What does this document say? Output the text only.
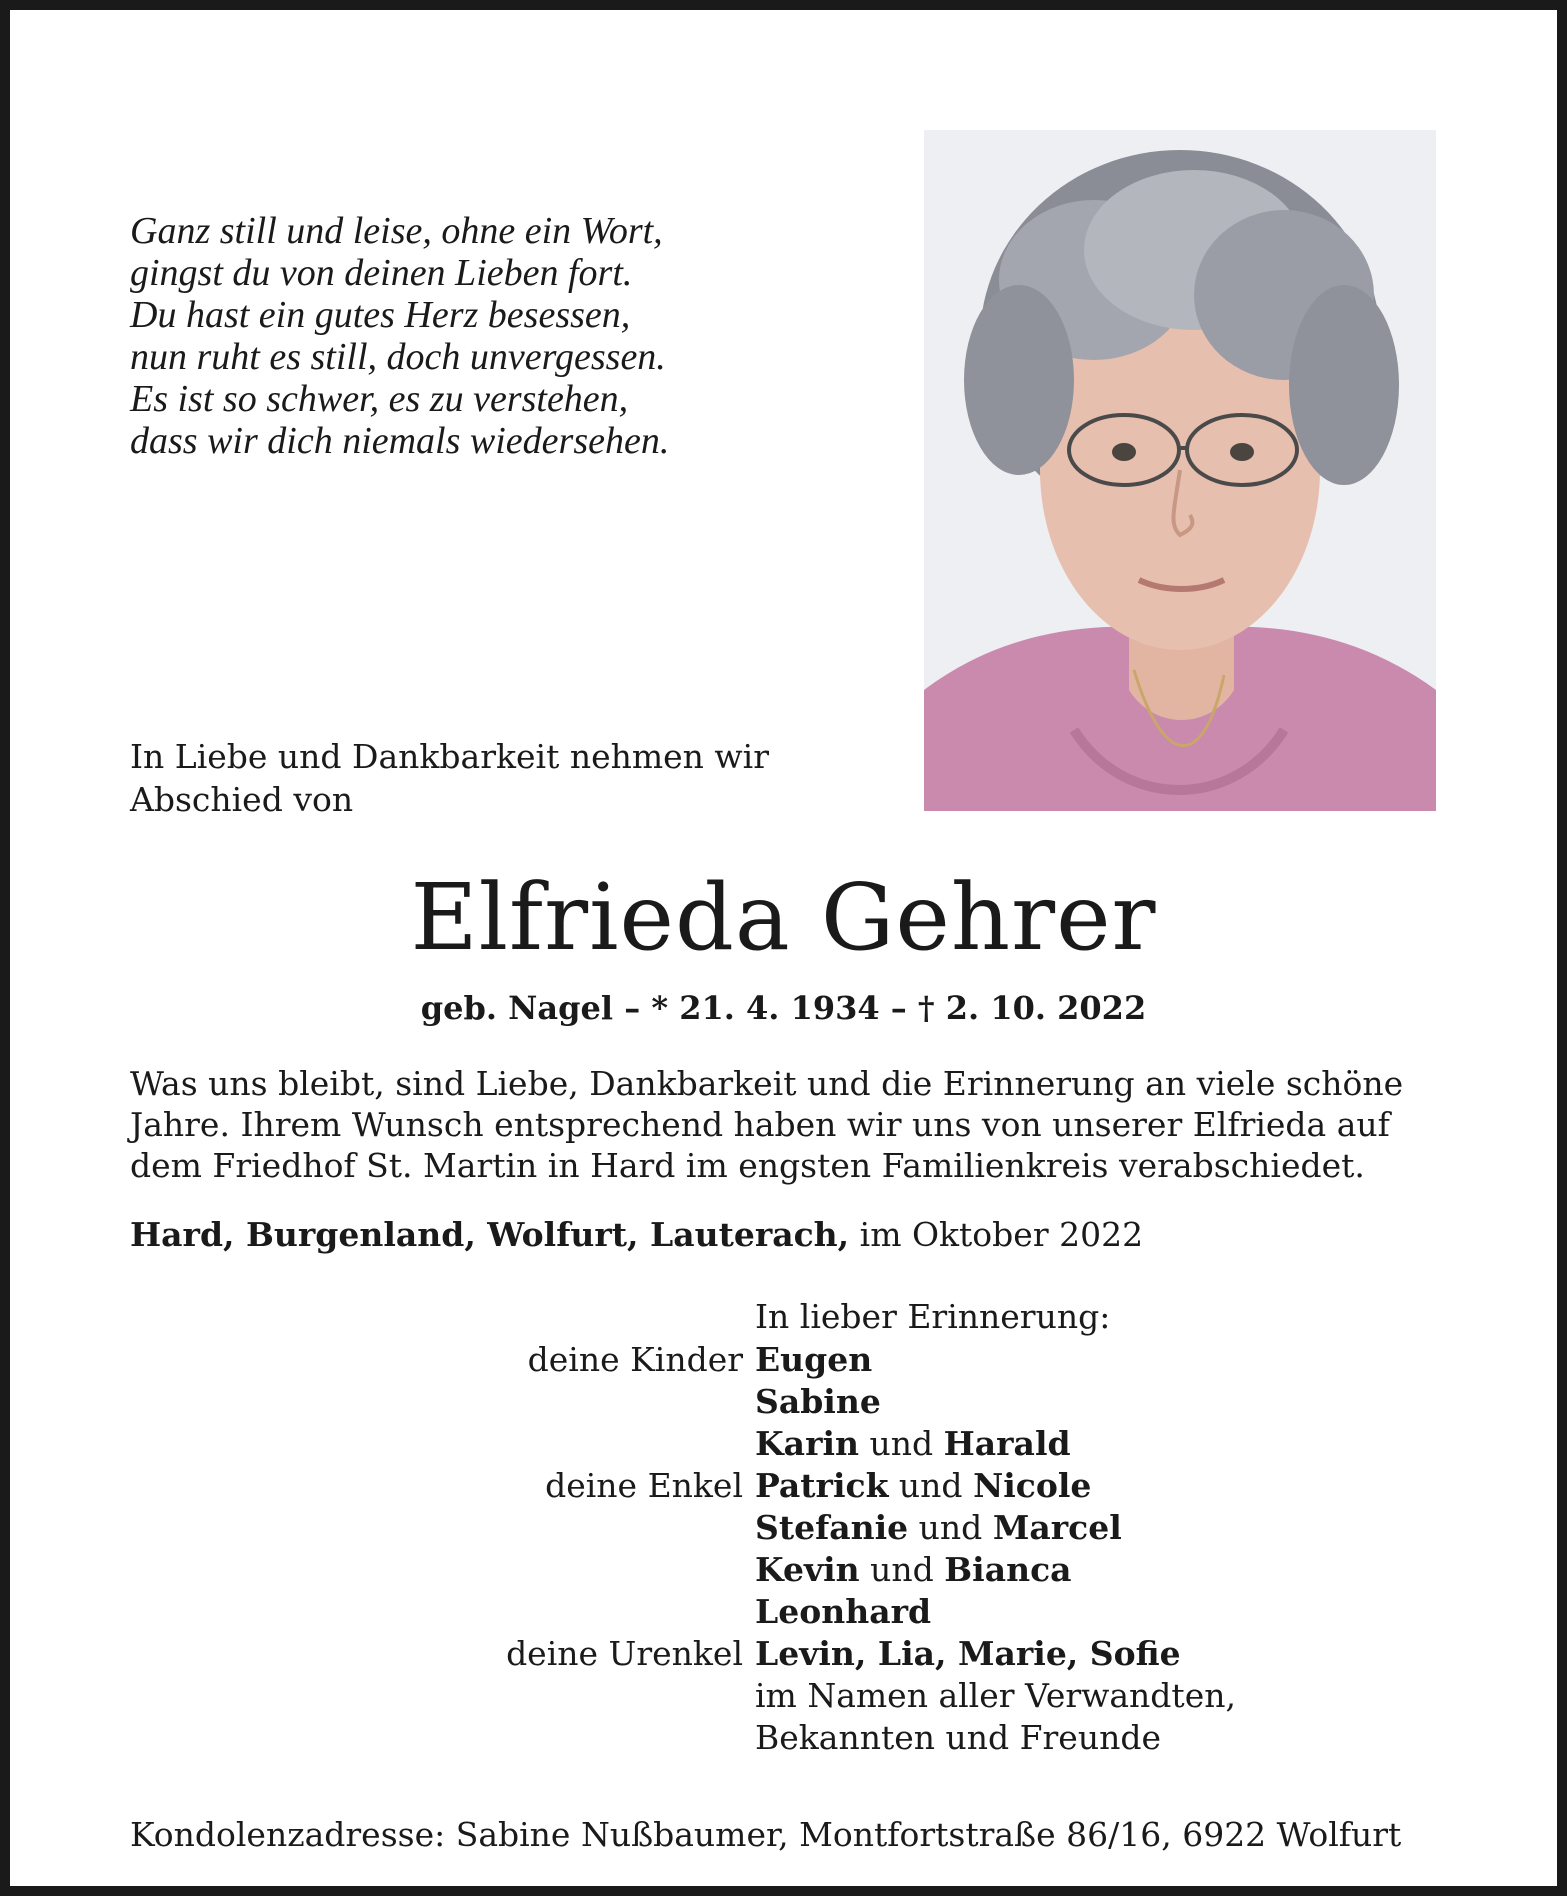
Ganz still und leise, ohne ein Wort,
gingst du von deinen Lieben fort.
Du hast ein gutes Herz besessen,
nun ruht es still, doch unvergessen.
Es ist so schwer, es zu verstehen,
dass wir dich niemals wiedersehen.
In Liebe und Dankbarkeit nehmen wir
Abschied von
Elfrieda Gehrer
geb. Nagel – * 21. 4. 1934 – † 2. 10. 2022
Was uns bleibt, sind Liebe, Dankbarkeit und die Erinnerung an viele schöne
Jahre. Ihrem Wunsch entsprechend haben wir uns von unserer Elfrieda auf
dem Friedhof St. Martin in Hard im engsten Familienkreis verabschiedet.
Hard, Burgenland, Wolfurt, Lauterach, im Oktober 2022
In lieber Erinnerung:
deine Kinder Eugen
Sabine
Karin und Harald
deine Enkel Patrick und Nicole
Stefanie und Marcel
Kevin und Bianca
Leonhard
deine Urenkel Levin, Lia, Marie, Sofie
im Namen aller Verwandten,
Bekannten und Freunde
Kondolenzadresse: Sabine Nußbaumer, Montfortstraße 86/16, 6922 Wolfurt
